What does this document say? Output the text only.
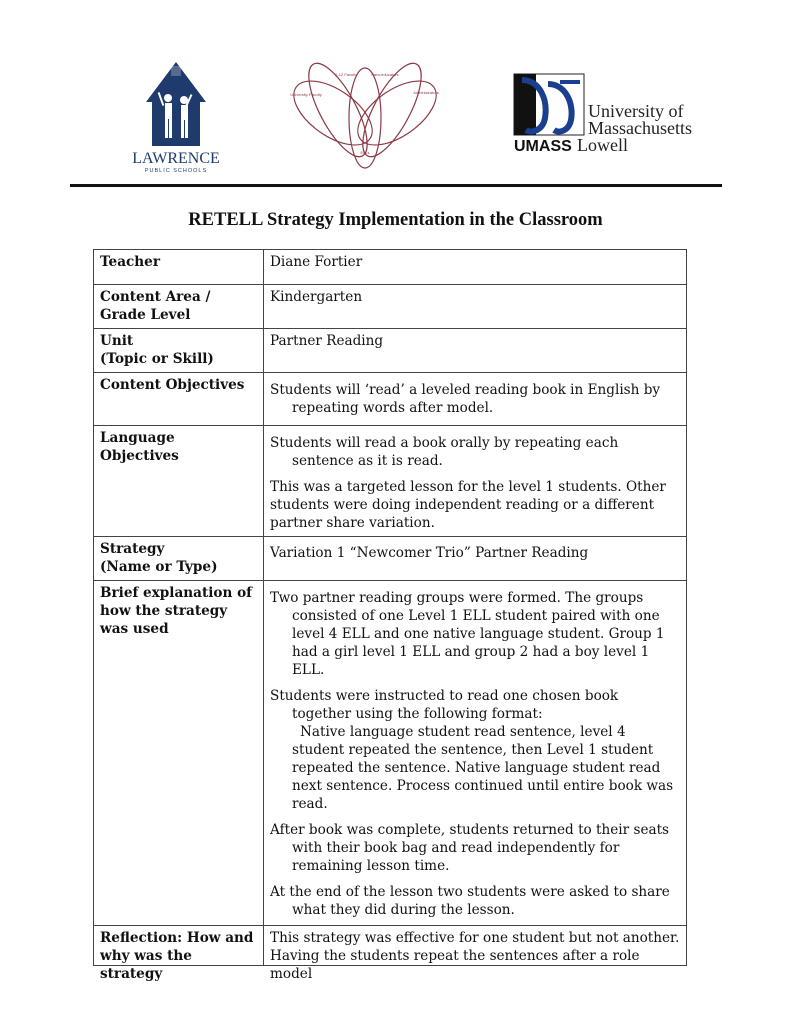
LAWRENCE
PUBLIC SCHOOLS
K-12 Faculty	Para-educators
University Faculty	Administrators
ELLs
University of
Massachusetts
UMASS Lowell
RETELL Strategy Implementation in the Classroom
Teacher	Diane Fortier

Content Area /
Grade Level	Kindergarten

Unit
(Topic or Skill)	Partner Reading
Content Objectives	Students will ‘read’ a leveled reading book in English by repeating words after model.

Language Objectives	Students will read a book orally by repeating each sentence as it is read.

This was a targeted lesson for the level 1 students. Other students were doing independent reading or a different partner share variation.

Strategy
(Name or Type)	Variation 1 “Newcomer Trio” Partner Reading
Brief explanation of how the strategy was used	Two partner reading groups were formed. The groups consisted of one Level 1 ELL student paired with one level 4 ELL and one native language student. Group 1 had a girl level 1 ELL and group 2 had a boy level 1 ELL.

Students were instructed to read one chosen book together using the following format:

Native language student read sentence, level 4 student repeated the sentence, then Level 1 student repeated the sentence. Native language student read next sentence. Process continued until entire book was read.

After book was complete, students returned to their seats with their book bag and read independently for remaining lesson time.

At the end of the lesson two students were asked to share what they did during the lesson.

Reflection: How and why was the strategy	This strategy was effective for one student but not another. Having the students repeat the sentences after a role model
